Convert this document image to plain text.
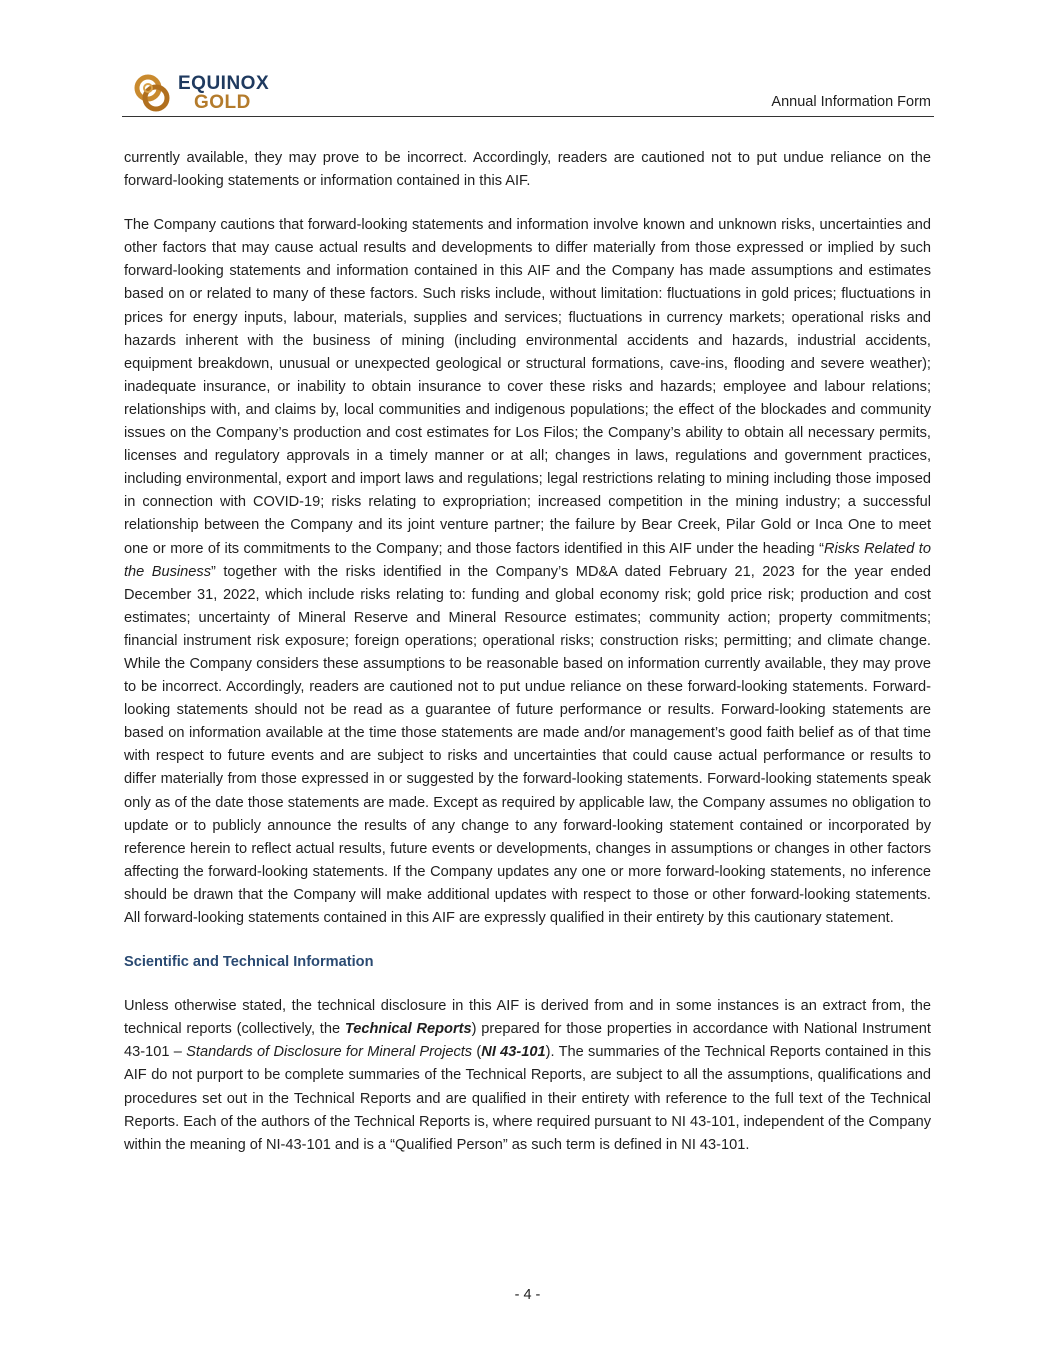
EQUINOX
GOLD	Annual Information Form

currently available, they may prove to be incorrect. Accordingly, readers are cautioned not to put undue reliance on the forward-looking statements or information contained in this AIF.

The Company cautions that forward-looking statements and information involve known and unknown risks, uncertainties and other factors that may cause actual results and developments to differ materially from those expressed or implied by such forward-looking statements and information contained in this AIF and the Company has made assumptions and estimates based on or related to many of these factors. Such risks include, without limitation: fluctuations in gold prices; fluctuations in prices for energy inputs, labour, materials, supplies and services; fluctuations in currency markets; operational risks and hazards inherent with the business of mining (including environmental accidents and hazards, industrial accidents, equipment breakdown, unusual or unexpected geological or structural formations, cave-ins, flooding and severe weather); inadequate insurance, or inability to obtain insurance to cover these risks and hazards; employee and labour relations; relationships with, and claims by, local communities and indigenous populations; the effect of the blockades and community issues on the Company’s production and cost estimates for Los Filos; the Company’s ability to obtain all necessary permits, licenses and regulatory approvals in a timely manner or at all; changes in laws, regulations and government practices, including environmental, export and import laws and regulations; legal restrictions relating to mining including those imposed in connection with COVID-19; risks relating to expropriation; increased competition in the mining industry; a successful relationship between the Company and its joint venture partner; the failure by Bear Creek, Pilar Gold or Inca One to meet one or more of its commitments to the Company; and those factors identified in this AIF under the heading “Risks Related to the Business” together with the risks identified in the Company’s MD&A dated February 21, 2023 for the year ended December 31, 2022, which include risks relating to: funding and global economy risk; gold price risk; production and cost estimates; uncertainty of Mineral Reserve and Mineral Resource estimates; community action; property commitments; financial instrument risk exposure; foreign operations; operational risks; construction risks; permitting; and climate change. While the Company considers these assumptions to be reasonable based on information currently available, they may prove to be incorrect. Accordingly, readers are cautioned not to put undue reliance on these forward-looking statements. Forward-looking statements should not be read as a guarantee of future performance or results. Forward-looking statements are based on information available at the time those statements are made and/or management’s good faith belief as of that time with respect to future events and are subject to risks and uncertainties that could cause actual performance or results to differ materially from those expressed in or suggested by the forward-looking statements. Forward-looking statements speak only as of the date those statements are made. Except as required by applicable law, the Company assumes no obligation to update or to publicly announce the results of any change to any forward-looking statement contained or incorporated by reference herein to reflect actual results, future events or developments, changes in assumptions or changes in other factors affecting the forward-looking statements. If the Company updates any one or more forward-looking statements, no inference should be drawn that the Company will make additional updates with respect to those or other forward-looking statements. All forward-looking statements contained in this AIF are expressly qualified in their entirety by this cautionary statement.

Scientific and Technical Information

Unless otherwise stated, the technical disclosure in this AIF is derived from and in some instances is an extract from, the technical reports (collectively, the Technical Reports) prepared for those properties in accordance with National Instrument 43-101 – Standards of Disclosure for Mineral Projects (NI 43-101). The summaries of the Technical Reports contained in this AIF do not purport to be complete summaries of the Technical Reports, are subject to all the assumptions, qualifications and procedures set out in the Technical Reports and are qualified in their entirety with reference to the full text of the Technical Reports. Each of the authors of the Technical Reports is, where required pursuant to NI 43-101, independent of the Company within the meaning of NI-43-101 and is a “Qualified Person” as such term is defined in NI 43-101.

- 4 -
